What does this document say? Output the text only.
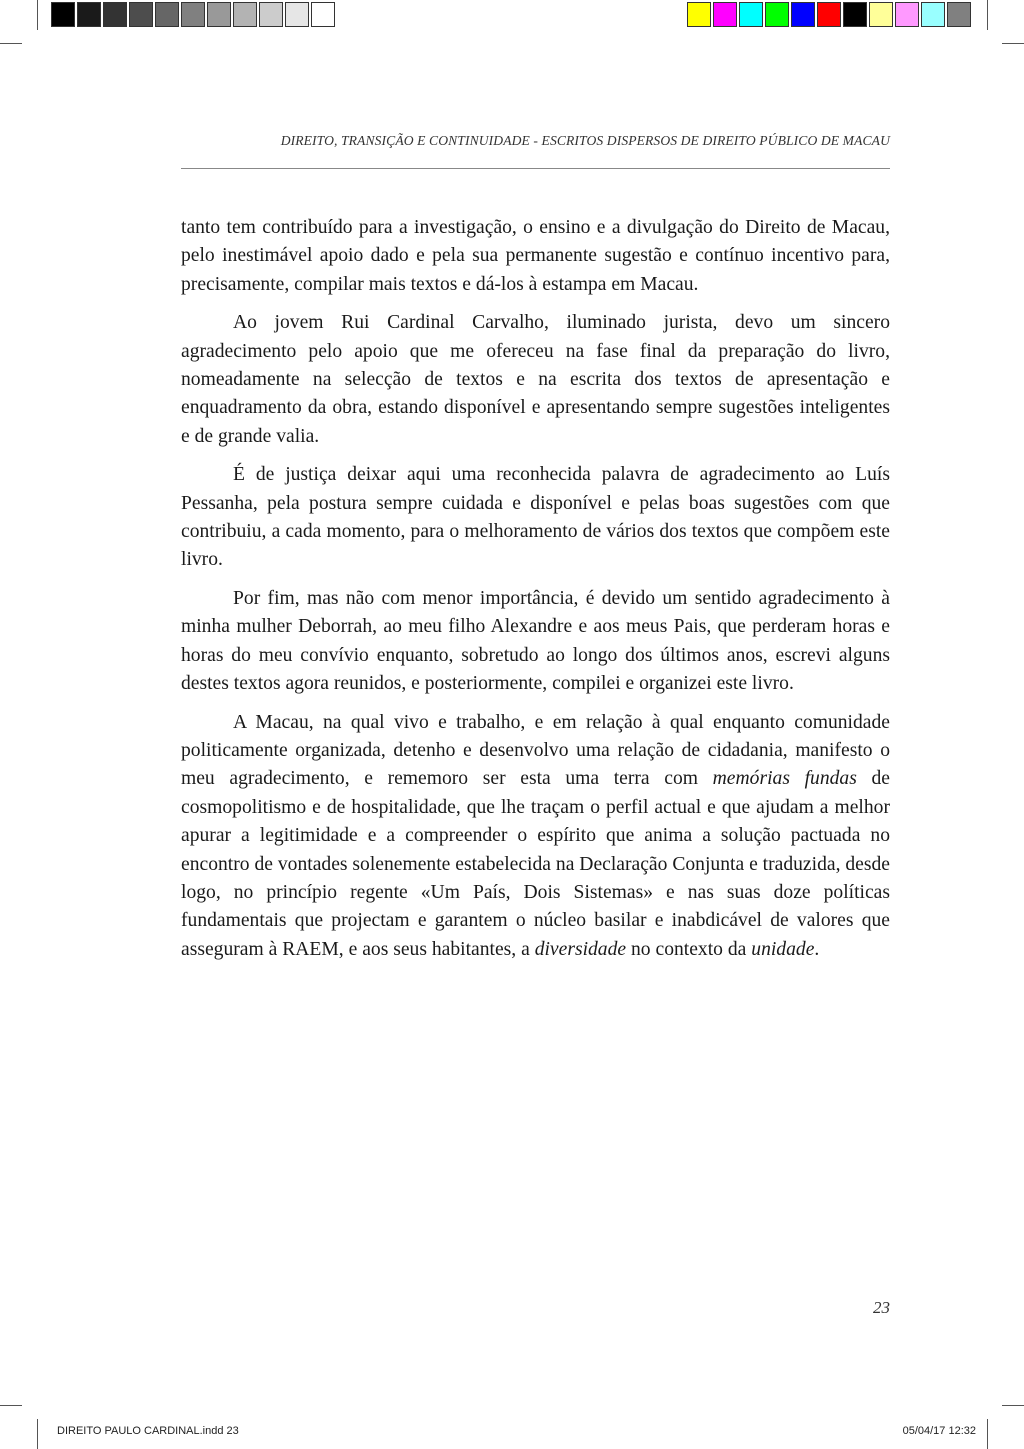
DIREITO, TRANSIÇÃO E CONTINUIDADE - ESCRITOS DISPERSOS DE DIREITO PÚBLICO DE MACAU

tanto tem contribuído para a investigação, o ensino e a divulgação do Direito de Macau, pelo inestimável apoio dado e pela sua permanente sugestão e contínuo incentivo para, precisamente, compilar mais textos e dá-los à estampa em Macau.

Ao jovem Rui Cardinal Carvalho, iluminado jurista, devo um sincero agradecimento pelo apoio que me ofereceu na fase final da preparação do livro, nomeadamente na selecção de textos e na escrita dos textos de apresentação e enquadramento da obra, estando disponível e apresentando sempre sugestões inteligentes e de grande valia.

É de justiça deixar aqui uma reconhecida palavra de agradecimento ao Luís Pessanha, pela postura sempre cuidada e disponível e pelas boas sugestões com que contribuiu, a cada momento, para o melhoramento de vários dos textos que compõem este livro.

Por fim, mas não com menor importância, é devido um sentido agradecimento à minha mulher Deborrah, ao meu filho Alexandre e aos meus Pais, que perderam horas e horas do meu convívio enquanto, sobretudo ao longo dos últimos anos, escrevi alguns destes textos agora reunidos, e posteriormente, compilei e organizei este livro.

A Macau, na qual vivo e trabalho, e em relação à qual enquanto comunidade politicamente organizada, detenho e desenvolvo uma relação de cidadania, manifesto o meu agradecimento, e rememoro ser esta uma terra com memórias fundas de cosmopolitismo e de hospitalidade, que lhe traçam o perfil actual e que ajudam a melhor apurar a legitimidade e a compreender o espírito que anima a solução pactuada no encontro de vontades solenemente estabelecida na Declaração Conjunta e traduzida, desde logo, no princípio regente «Um País, Dois Sistemas» e nas suas doze políticas fundamentais que projectam e garantem o núcleo basilar e inabdicável de valores que asseguram à RAEM, e aos seus habitantes, a diversidade no contexto da unidade.

23
DIREITO PAULO CARDINAL.indd 23	05/04/17 12:32
